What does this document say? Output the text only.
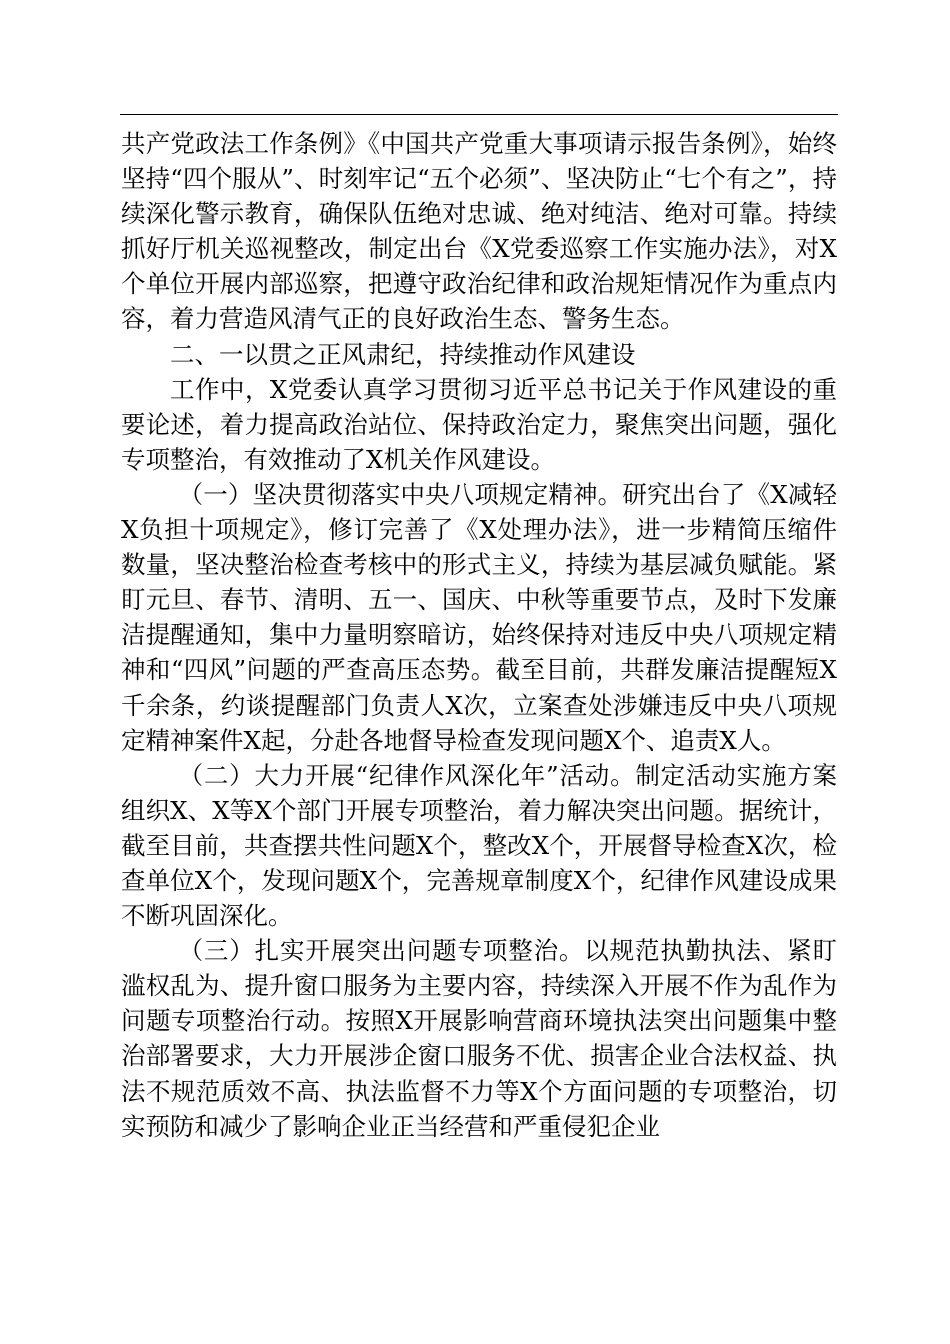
共产党政法工作条例》《中国共产党重大事项请示报告条例》，始终坚持“四个服从”、时刻牢记“五个必须”、坚决防止“七个有之”，持续深化警示教育，确保队伍绝对忠诚、绝对纯洁、绝对可靠。持续抓好厅机关巡视整改，制定出台《X党委巡察工作实施办法》，对X个单位开展内部巡察，把遵守政治纪律和政治规矩情况作为重点内容，着力营造风清气正的良好政治生态、警务生态。

二、一以贯之正风肃纪，持续推动作风建设

工作中，X党委认真学习贯彻习近平总书记关于作风建设的重要论述，着力提高政治站位、保持政治定力，聚焦突出问题，强化专项整治，有效推动了X机关作风建设。

（一）坚决贯彻落实中央八项规定精神。研究出台了《X减轻X负担十项规定》，修订完善了《X处理办法》，进一步精简压缩件数量，坚决整治检查考核中的形式主义，持续为基层减负赋能。紧盯元旦、春节、清明、五一、国庆、中秋等重要节点，及时下发廉洁提醒通知，集中力量明察暗访，始终保持对违反中央八项规定精神和“四风”问题的严查高压态势。截至目前，共群发廉洁提醒短X千余条，约谈提醒部门负责人X次，立案查处涉嫌违反中央八项规定精神案件X起，分赴各地督导检查发现问题X个、追责X人。

（二）大力开展“纪律作风深化年”活动。制定活动实施方案组织X、X等X个部门开展专项整治，着力解决突出问题。据统计，截至目前，共查摆共性问题X个，整改X个，开展督导检查X次，检查单位X个，发现问题X个，完善规章制度X个，纪律作风建设成果不断巩固深化。

（三）扎实开展突出问题专项整治。以规范执勤执法、紧盯滥权乱为、提升窗口服务为主要内容，持续深入开展不作为乱作为问题专项整治行动。按照X开展影响营商环境执法突出问题集中整治部署要求，大力开展涉企窗口服务不优、损害企业合法权益、执法不规范质效不高、执法监督不力等X个方面问题的专项整治，切实预防和减少了影响企业正当经营和严重侵犯企业
